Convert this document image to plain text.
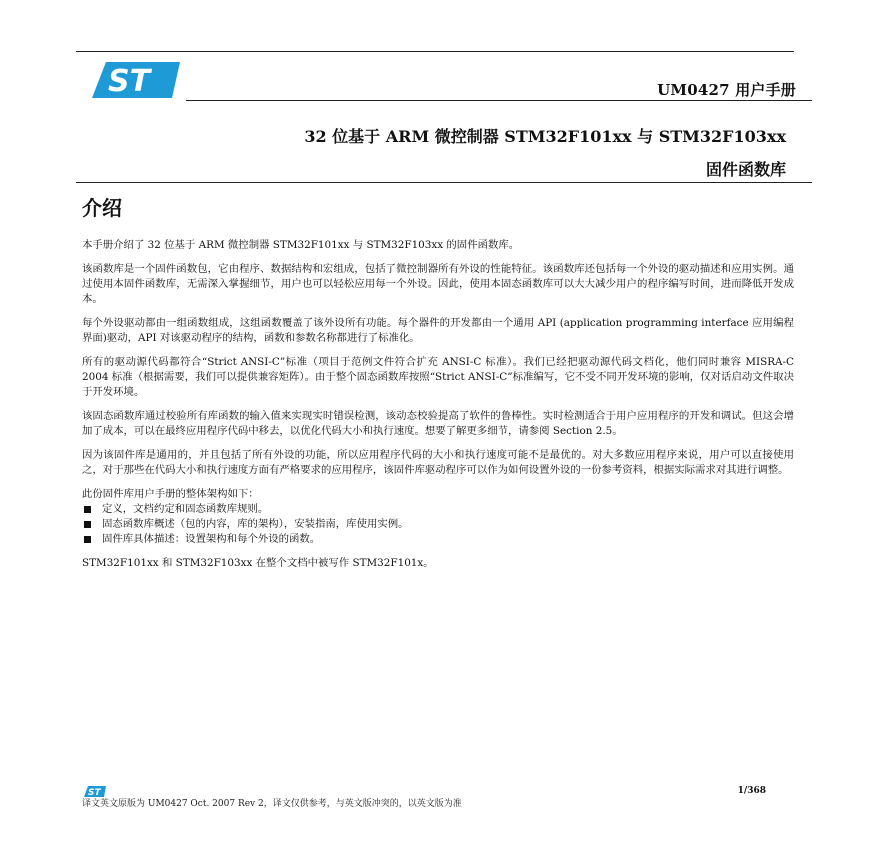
ST	UM0427 用户手册
32 位基于 ARM 微控制器 STM32F101xx 与 STM32F103xx
固件函数库
介绍

本手册介绍了 32 位基于 ARM 微控制器 STM32F101xx 与 STM32F103xx 的固件函数库。

该函数库是一个固件函数包，它由程序、数据结构和宏组成，包括了微控制器所有外设的性能特征。该函数库还包括每一个外设的驱动描述和应用实例。通过使用本固件函数库，无需深入掌握细节，用户也可以轻松应用每一个外设。因此，使用本固态函数库可以大大减少用户的程序编写时间，进而降低开发成本。

每个外设驱动都由一组函数组成，这组函数覆盖了该外设所有功能。每个器件的开发都由一个通用 API (application programming interface 应用编程界面)驱动，API 对该驱动程序的结构，函数和参数名称都进行了标准化。

所有的驱动源代码都符合“Strict ANSI-C”标准（项目于范例文件符合扩充 ANSI-C 标准）。我们已经把驱动源代码文档化，他们同时兼容 MISRA-C 2004 标准（根据需要，我们可以提供兼容矩阵）。由于整个固态函数库按照“Strict ANSI-C”标准编写，它不受不同开发环境的影响，仅对话启动文件取决于开发环境。

该固态函数库通过校验所有库函数的输入值来实现实时错误检测，该动态校验提高了软件的鲁棒性。实时检测适合于用户应用程序的开发和调试。但这会增加了成本，可以在最终应用程序代码中移去，以优化代码大小和执行速度。想要了解更多细节，请参阅 Section 2.5。

因为该固件库是通用的，并且包括了所有外设的功能，所以应用程序代码的大小和执行速度可能不是最优的。对大多数应用程序来说，用户可以直接使用之，对于那些在代码大小和执行速度方面有严格要求的应用程序，该固件库驱动程序可以作为如何设置外设的一份参考资料，根据实际需求对其进行调整。

此份固件库用户手册的整体架构如下：

定义，文档约定和固态函数库规则。
固态函数库概述（包的内容，库的架构），安装指南，库使用实例。
固件库具体描述：设置架构和每个外设的函数。

STM32F101xx 和 STM32F103xx 在整个文档中被写作 STM32F101x。

ST
译文英文原版为 UM0427 Oct. 2007 Rev 2，译文仅供参考，与英文版冲突的，以英文版为准
1/368
